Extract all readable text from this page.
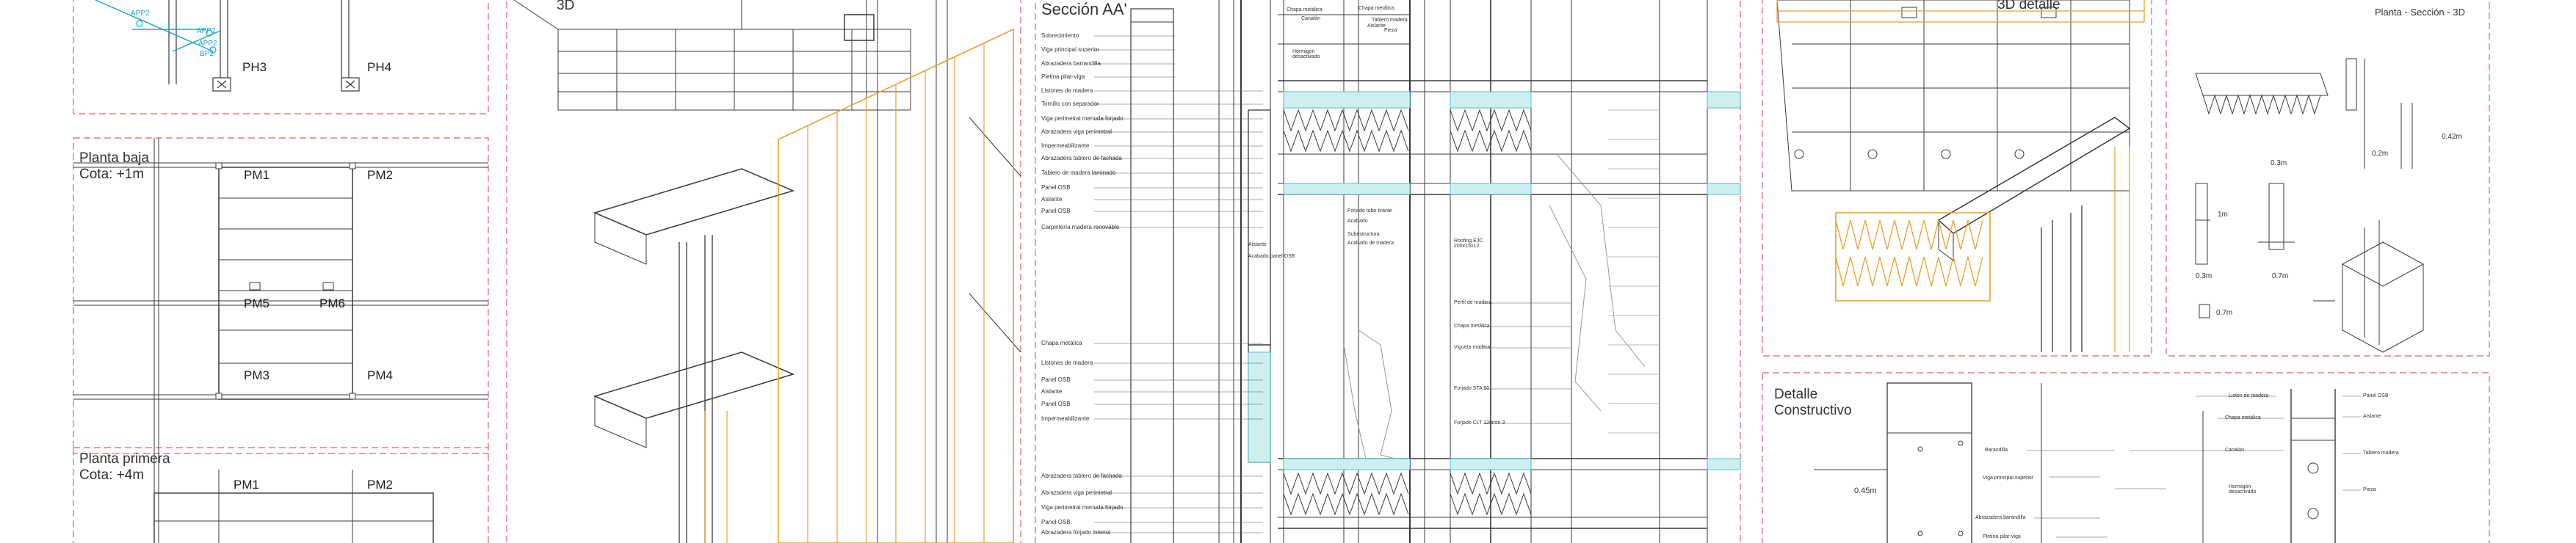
APP2
APP2
APP2
BP2
PH3	PH4
Planta baja
Cota: +1m	PM1	PM2
PM5	PM6
PM3	PM4
Planta primera
Cota: +4m
PM1	PM2
3D	Sección AA'
Sobrecimiento
Viga principal superior
Abrazadera barrandilla
Pletina pilar-viga
Listones de madera
Tornillo con separador
Viga perimetral menuda forjado
Abrazadera viga perimetral
Impermeabilizante
Abrazadera tablero de fachada
Tablero de madera laminado
Panel OSB
Aislante
Panel OSB
Carpintería madera renovable
Chapa metálica
Listones de madera
Panel OSB
Aislante
Panel OSB
Impermeabilizante
Abrazadera tablero de fachada
Abrazadera viga perimetral
Viga perimetral menuda forjado
Panel OSB
Abrazadera forjado interior
Chapa metálica
Canalón
Hormigón desactivado
Aislante
Acabado panel OSB
Forjado tubo tirante
Acabado
Subestructura
Acabado de madera
Chapa metálica
Tablero madera
Aislante
Pieza
Roofing EJC 200x15x12
Perfil de madera
Chapa metálica
Vigueta madera
Forjado STA 90
Forjado CLT 120mm 3
3D detalle	Planta - Sección - 3D
0.42m
0.2m
0.3m
1m
0.3m	0.7m
0.7m
Detalle
Constructivo
0.45m
Listón de madera
Chapa metálica
Barandilla	Canalón
Viga principal superior
Hormigón desactivado
Abrazadera barandilla
Pletina pilar-viga
Panel OSB
Aislante
Tablero madera
Pieza
